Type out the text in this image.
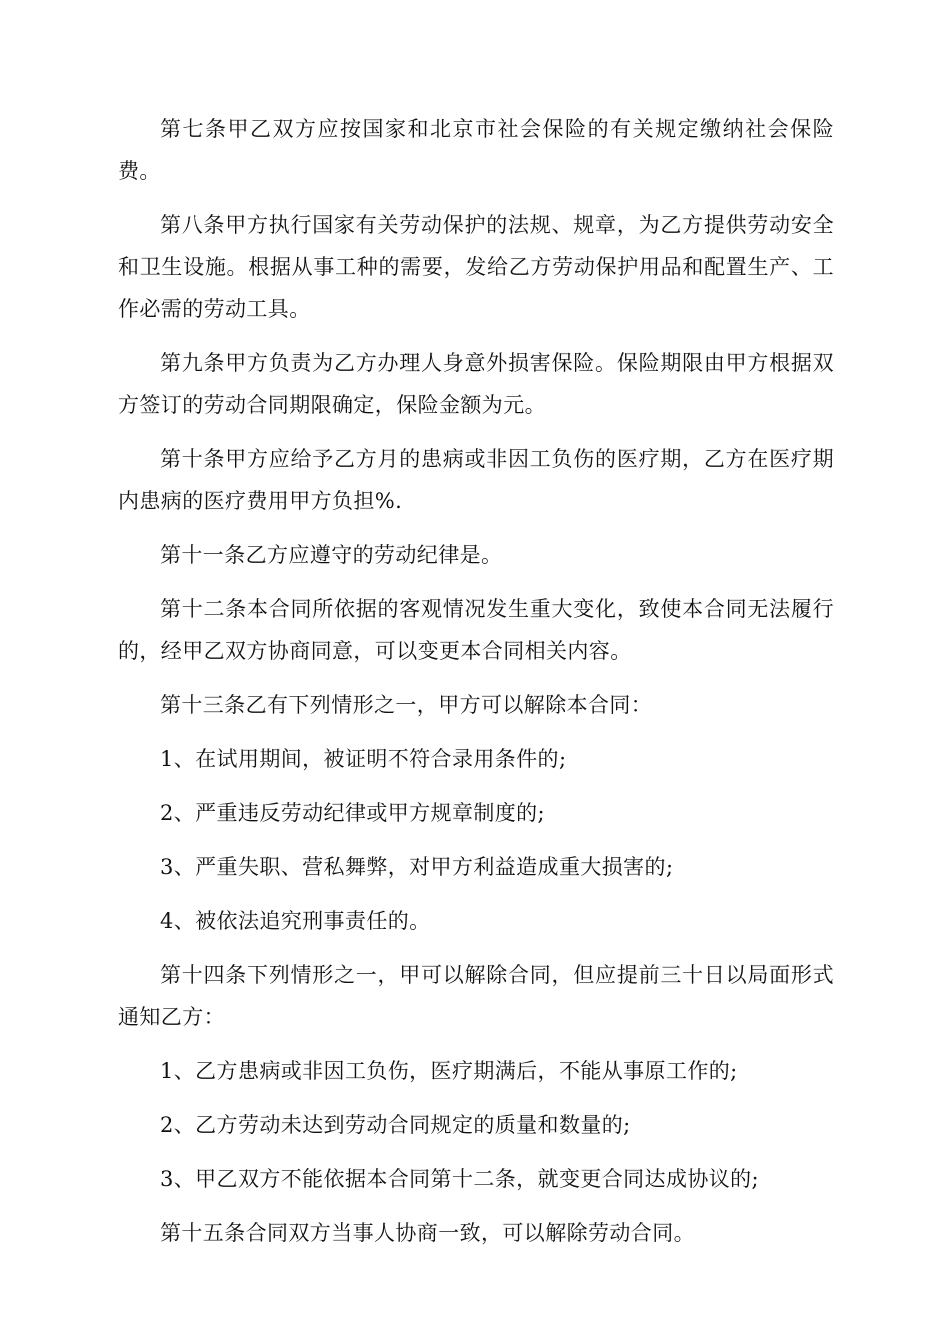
第七条甲乙双方应按国家和北京市社会保险的有关规定缴纳社会保险费。

第八条甲方执行国家有关劳动保护的法规、规章，为乙方提供劳动安全和卫生设施。根据从事工种的需要，发给乙方劳动保护用品和配置生产、工作必需的劳动工具。

第九条甲方负责为乙方办理人身意外损害保险。保险期限由甲方根据双方签订的劳动合同期限确定，保险金额为元。

第十条甲方应给予乙方月的患病或非因工负伤的医疗期，乙方在医疗期内患病的医疗费用甲方负担%.

第十一条乙方应遵守的劳动纪律是。

第十二条本合同所依据的客观情况发生重大变化，致使本合同无法履行的，经甲乙双方协商同意，可以变更本合同相关内容。

第十三条乙有下列情形之一，甲方可以解除本合同：

1、在试用期间，被证明不符合录用条件的;

2、严重违反劳动纪律或甲方规章制度的;

3、严重失职、营私舞弊，对甲方利益造成重大损害的;

4、被依法追究刑事责任的。

第十四条下列情形之一，甲可以解除合同，但应提前三十日以局面形式通知乙方：

1、乙方患病或非因工负伤，医疗期满后，不能从事原工作的;

2、乙方劳动未达到劳动合同规定的质量和数量的;

3、甲乙双方不能依据本合同第十二条，就变更合同达成协议的;

第十五条合同双方当事人协商一致，可以解除劳动合同。
